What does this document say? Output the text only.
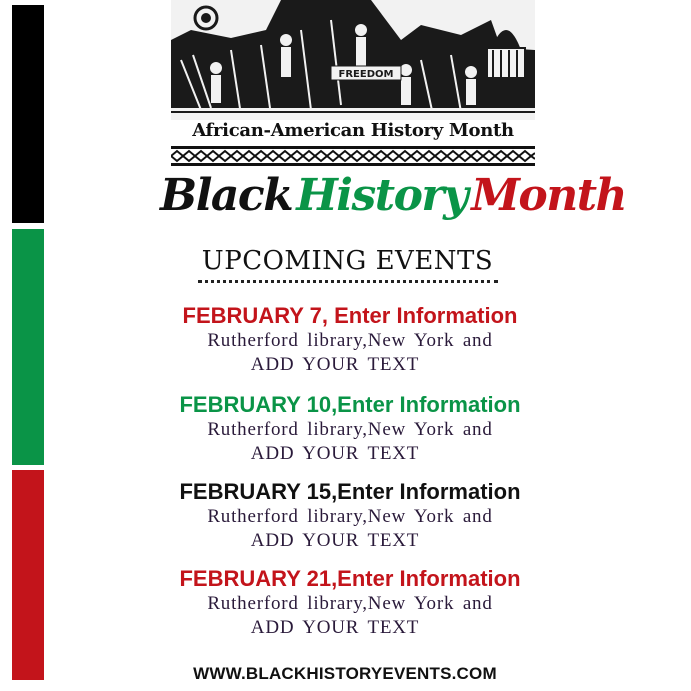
FREEDOM
African-American History Month
BlackHistoryMonth
UPCOMING EVENTS
FEBRUARY 7, Enter Information
Rutherford library,New York and
ADD YOUR TEXT
FEBRUARY 10,Enter Information
Rutherford library,New York and
ADD YOUR TEXT
FEBRUARY 15,Enter Information
Rutherford library,New York and
ADD YOUR TEXT
FEBRUARY 21,Enter Information
Rutherford library,New York and
ADD YOUR TEXT
WWW.BLACKHISTORYEVENTS.COM
